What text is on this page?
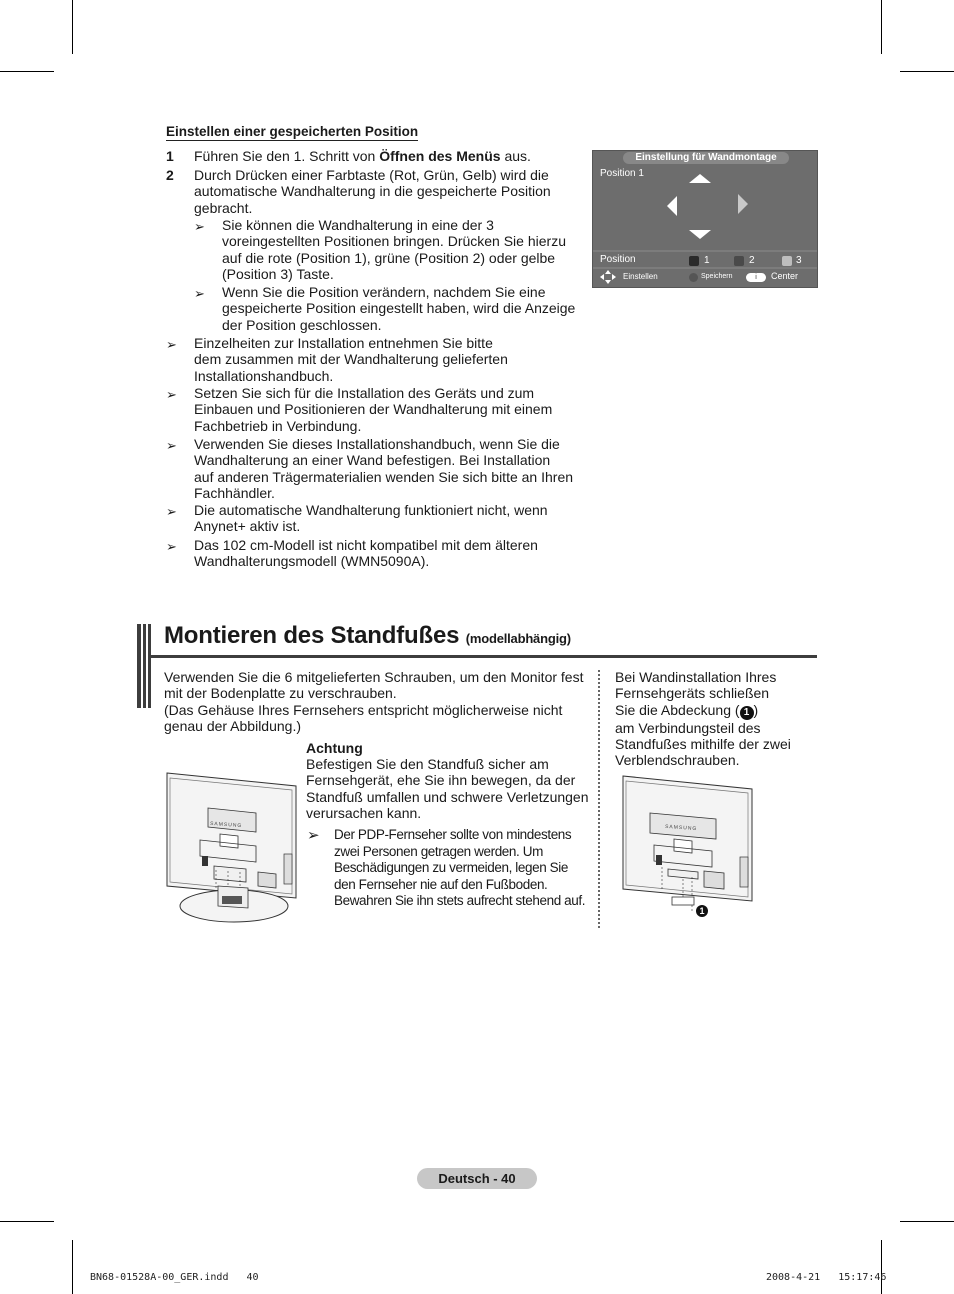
Einstellen einer gespeicherten Position
1 Führen Sie den 1. Schritt von Öffnen des Menüs aus.
2 Durch Drücken einer Farbtaste (Rot, Grün, Gelb) wird die
automatische Wandhalterung in die gespeicherte Position
gebracht.
➢ Sie können die Wandhalterung in eine der 3
voreingestellten Positionen bringen. Drücken Sie hierzu
auf die rote (Position 1), grüne (Position 2) oder gelbe
(Position 3) Taste.
➢ Wenn Sie die Position verändern, nachdem Sie eine
gespeicherte Position eingestellt haben, wird die Anzeige
der Position geschlossen.
➢ Einzelheiten zur Installation entnehmen Sie bitte
dem zusammen mit der Wandhalterung gelieferten
Installationshandbuch.
➢ Setzen Sie sich für die Installation des Geräts und zum
Einbauen und Positionieren der Wandhalterung mit einem
Fachbetrieb in Verbindung.
➢ Verwenden Sie dieses Installationshandbuch, wenn Sie die
Wandhalterung an einer Wand befestigen. Bei Installation
auf anderen Trägermaterialien wenden Sie sich bitte an Ihren
Fachhändler.
➢ Die automatische Wandhalterung funktioniert nicht, wenn
Anynet+ aktiv ist.
➢ Das 102 cm-Modell ist nicht kompatibel mit dem älteren
Wandhalterungsmodell (WMN5090A).
Einstellung für Wandmontage
Position 1
Position	1	2	3
Einstellen	Speichern	i	Center
Montieren des Standfußes (modellabhängig)
Verwenden Sie die 6 mitgelieferten Schrauben, um den Monitor fest
mit der Bodenplatte zu verschrauben.
(Das Gehäuse Ihres Fernsehers entspricht möglicherweise nicht
genau der Abbildung.)
Achtung
Befestigen Sie den Standfuß sicher am
Fernsehgerät, ehe Sie ihn bewegen, da der
Standfuß umfallen und schwere Verletzungen
verursachen kann.
➢ Der PDP-Fernseher sollte von mindestens
zwei Personen getragen werden. Um
Beschädigungen zu vermeiden, legen Sie
den Fernseher nie auf den Fußboden.
Bewahren Sie ihn stets aufrecht stehend auf.
Bei Wandinstallation Ihres
Fernsehgeräts schließen
Sie die Abdeckung ( 1 )
am Verbindungsteil des
Standfußes mithilfe der zwei
Verblendschrauben.
SAMSUNG	SAMSUNG
1
Deutsch - 40
BN68-01528A-00_GER.indd   40	2008-4-21   15:17:46
